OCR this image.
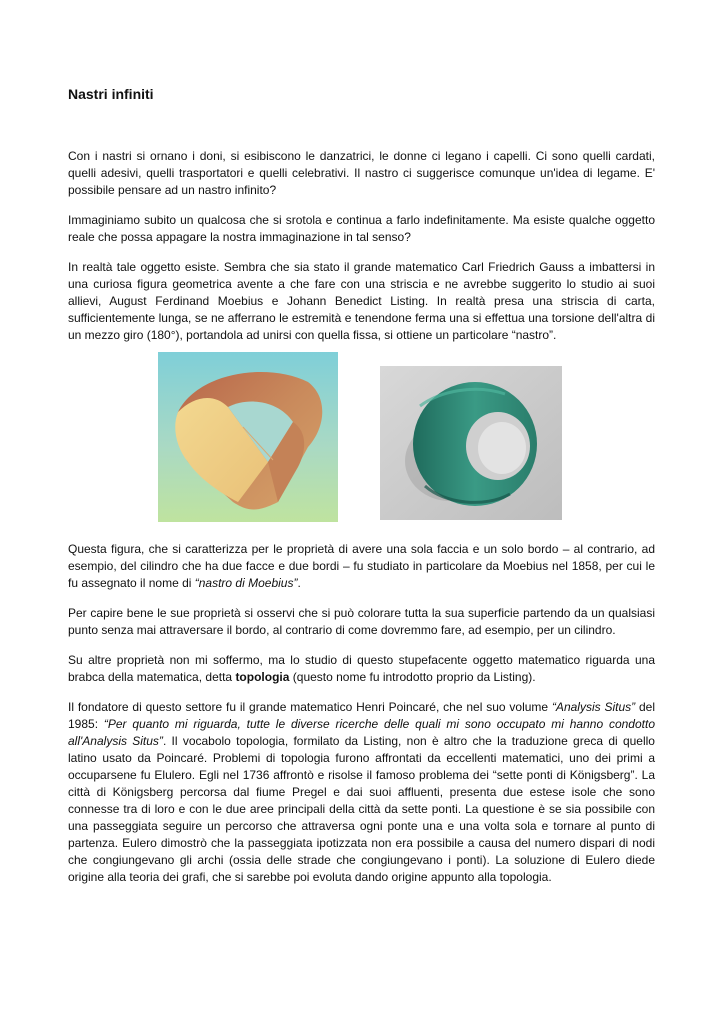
Nastri infiniti

Con i nastri si ornano i doni, si esibiscono le danzatrici, le donne ci legano i capelli. Ci sono quelli cardati, quelli adesivi, quelli trasportatori e quelli celebrativi. Il nastro ci suggerisce comunque un'idea di legame. E' possibile pensare ad un nastro infinito?

Immaginiamo subito un qualcosa che si srotola e continua a farlo indefinitamente. Ma esiste qualche oggetto reale che possa appagare la nostra immaginazione in tal senso?

In realtà tale oggetto esiste. Sembra che sia stato il grande matematico Carl Friedrich Gauss a imbattersi in una curiosa figura geometrica avente a che fare con una striscia e ne avrebbe suggerito lo studio ai suoi allievi, August Ferdinand Moebius e Johann Benedict Listing. In realtà presa una striscia di carta, sufficientemente lunga, se ne afferrano le estremità e tenendone ferma una si effettua una torsione dell'altra di un mezzo giro (180°), portandola ad unirsi con quella fissa, si ottiene un particolare “nastro”.

Questa figura, che si caratterizza per le proprietà di avere una sola faccia e un solo bordo – al contrario, ad esempio, del cilindro che ha due facce e due bordi – fu studiato in particolare da Moebius nel 1858, per cui le fu assegnato il nome di “nastro di Moebius”.

Per capire bene le sue proprietà si osservi che si può colorare tutta la sua superficie partendo da un qualsiasi punto senza mai attraversare il bordo, al contrario di come dovremmo fare, ad esempio, per un cilindro.

Su altre proprietà non mi soffermo, ma lo studio di questo stupefacente oggetto matematico riguarda una brabca della matematica, detta topologia (questo nome fu introdotto proprio da Listing).

Il fondatore di questo settore fu il grande matematico Henri Poincaré, che nel suo volume “Analysis Situs” del 1985: “Per quanto mi riguarda, tutte le diverse ricerche delle quali mi sono occupato mi hanno condotto all'Analysis Situs”. Il vocabolo topologia, formilato da Listing, non è altro che la traduzione greca di quello latino usato da Poincaré. Problemi di topologia furono affrontati da eccellenti matematici, uno dei primi a occuparsene fu Elulero. Egli nel 1736 affrontò e risolse il famoso problema dei “sette ponti di Königsberg”. La città di Königsberg percorsa dal fiume Pregel e dai suoi affluenti, presenta due estese isole che sono connesse tra di loro e con le due aree principali della città da sette ponti. La questione è se sia possibile con una passeggiata seguire un percorso che attraversa ogni ponte una e una volta sola e tornare al punto di partenza. Eulero dimostrò che la passeggiata ipotizzata non era possibile a causa del numero dispari di nodi che congiungevano gli archi (ossia delle strade che congiungevano i ponti). La soluzione di Eulero diede origine alla teoria dei grafi, che si sarebbe poi evoluta dando origine appunto alla topologia.
